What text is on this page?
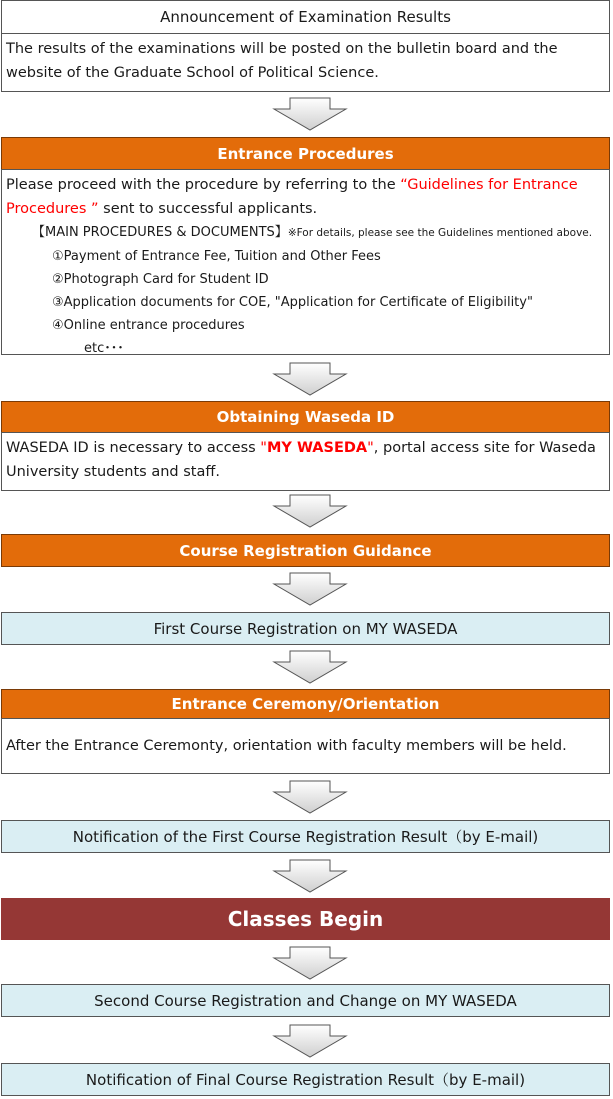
Announcement of Examination Results
The results of the examinations will be posted on the bulletin board and the website of the Graduate School of Political Science.
Entrance Procedures
Please proceed with the procedure by referring to the “Guidelines for Entrance Procedures ” sent to successful applicants.
【MAIN PROCEDURES & DOCUMENTS】※For details, please see the Guidelines mentioned above.
①Payment of Entrance Fee, Tuition and Other Fees
②Photograph Card for Student ID
③Application documents for COE, "Application for Certificate of Eligibility"
④Online entrance procedures
etc･･･
Obtaining Waseda ID
WASEDA ID is necessary to access "MY WASEDA", portal access site for Waseda University students and staff.
Course Registration Guidance
First Course Registration on MY WASEDA
Entrance Ceremony/Orientation
After the Entrance Ceremonty, orientation with faculty members will be held.
Notification of the First Course Registration Result（by E-mail)
Classes Begin
Second Course Registration and Change on MY WASEDA
Notification of Final Course Registration Result（by E-mail)
